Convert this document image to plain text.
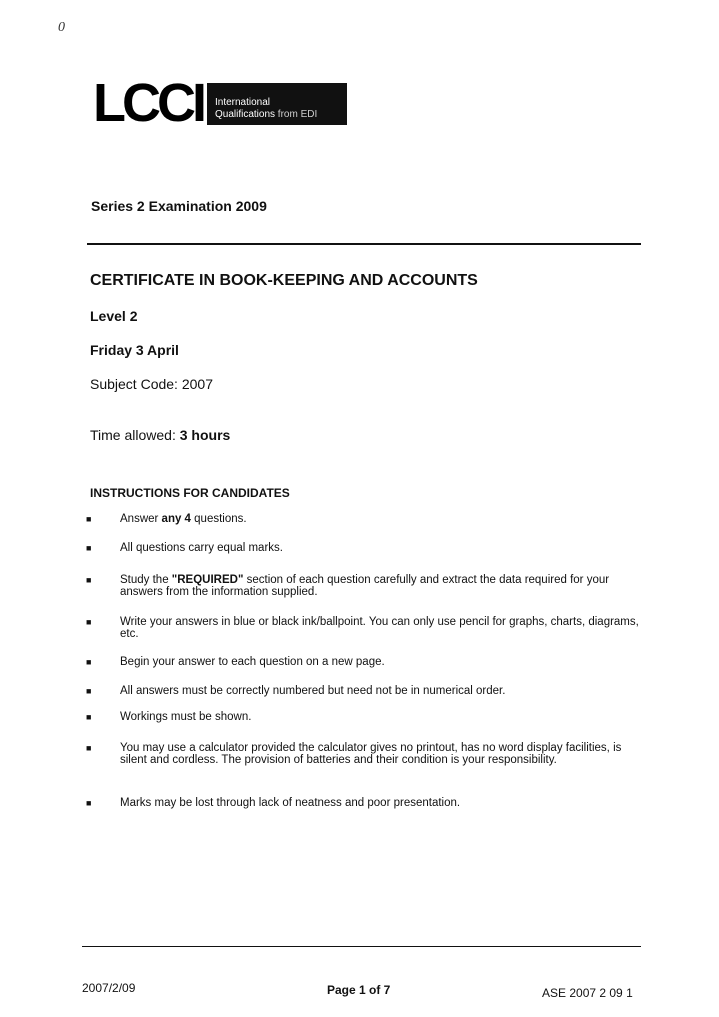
0
LCCI	International
Qualifications from EDI
Series 2 Examination 2009
CERTIFICATE IN BOOK-KEEPING AND ACCOUNTS
Level 2
Friday 3 April
Subject Code: 2007
Time allowed: 3 hours
INSTRUCTIONS FOR CANDIDATES
■ Answer any 4 questions.
■ All questions carry equal marks.
■ Study the "REQUIRED" section of each question carefully and extract the data required for your answers from the information supplied.
■ Write your answers in blue or black ink/ballpoint. You can only use pencil for graphs, charts, diagrams, etc.
■ Begin your answer to each question on a new page.
■ All answers must be correctly numbered but need not be in numerical order.
■ Workings must be shown.
■ You may use a calculator provided the calculator gives no printout, has no word display facilities, is silent and cordless. The provision of batteries and their condition is your responsibility.
■ Marks may be lost through lack of neatness and poor presentation.
2007/2/09	Page 1 of 7	ASE 2007 2 09 1
